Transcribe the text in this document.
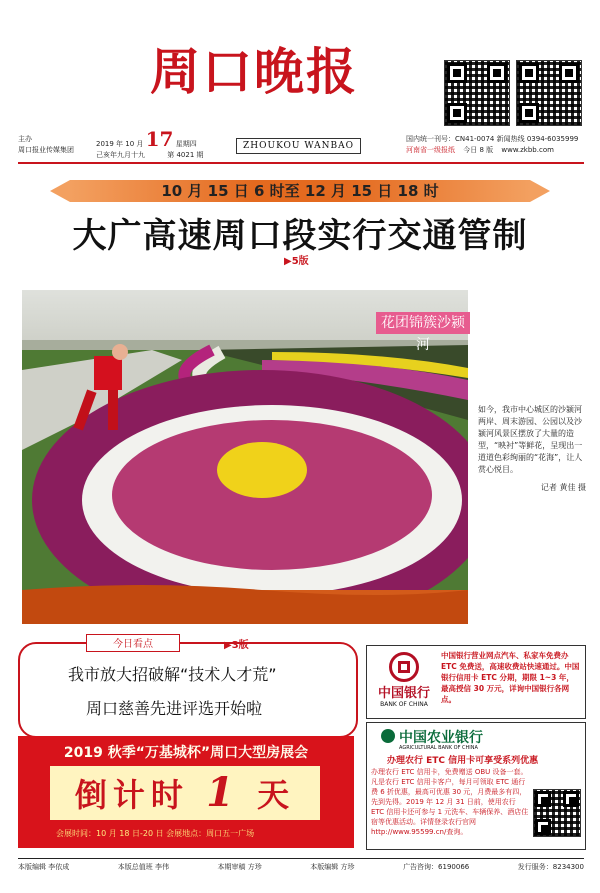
周口晚报
主办
周口报业传媒集团
2019 年 10 月 17 星期四
己亥年九月十九	第 4021 期
ZHOUKOU WANBAO
国内统一刊号：CN41-0074 新闻热线 0394-6035999
河南省一级报纸 今日 8 版 www.zkbb.com
10 月 15 日 6 时至 12 月 15 日 18 时
大广高速周口段实行交通管制
▶5版
花团锦簇沙颍河
如今，我市中心城区的沙颍河两岸、周末游园、公园以及沙颍河风景区摆放了大量的造型，“映衬”等鲜花，呈现出一道道色彩绚丽的“花海”，让人赏心悦目。
记者 黄佳 摄
我市放大招破解“技术人才荒”
周口慈善先进评选开始啦
今日看点	▶3版
2019 秋季“万基城杯”周口大型房展会
倒计时 1 天
会展时间：10 月 18 日-20 日 会展地点：周口五一广场
中国银行
BANK OF CHINA
中国银行营业网点汽车、私家车免费办 ETC 免费送，高速收费站快速通过。中国银行信用卡 ETC 分期，期限 1~3 年，最高授信 30 万元，详询中国银行各网点。
中国农业银行
AGRICULTURAL BANK OF CHINA
办理农行 ETC 信用卡可享受系列优惠
办理农行 ETC 信用卡，免费赠送 OBU 设备一套。凡是农行 ETC 信用卡客户，每月可领取 ETC 通行费 6 折优惠，最高可优惠 30 元，月费最多有四，先到先得。2019 年 12 月 31 日前，使用农行 ETC 信用卡还可参与 1 元洗车、车辆保养、酒店住宿等优惠活动。详情登录农行官网 http://www.95599.cn/查询。
本版编辑 李依成	本版总值班 李伟	本期审稿 方珍	本版编辑 方珍	广告咨询：6190066	发行服务：8234300
